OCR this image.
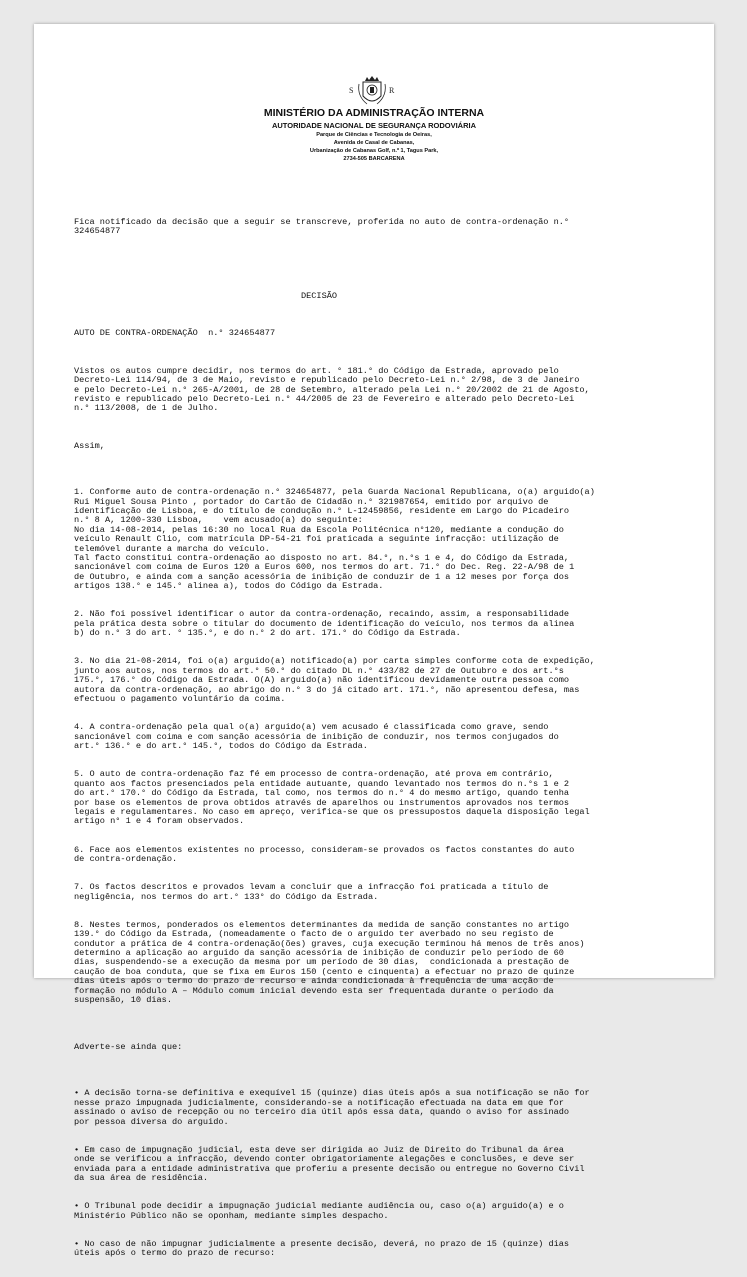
S	R
MINISTÉRIO DA ADMINISTRAÇÃO INTERNA
AUTORIDADE NACIONAL DE SEGURANÇA RODOVIÁRIA
Parque de Ciências e Tecnologia de Oeiras,
Avenida de Casal de Cabanas,
Urbanização de Cabanas Golf, n.º 1, Tagus Park,
2734-505 BARCARENA

Fica notificado da decisão que a seguir se transcreve, proferida no auto de contra-ordenação n.°
324654877

DECISÃO

AUTO DE CONTRA-ORDENAÇÃO  n.° 324654877

Vistos os autos cumpre decidir, nos termos do art. ° 181.° do Código da Estrada, aprovado pelo
Decreto-Lei 114/94, de 3 de Maio, revisto e republicado pelo Decreto-Lei n.° 2/98, de 3 de Janeiro
e pelo Decreto-Lei n.° 265-A/2001, de 28 de Setembro, alterado pela Lei n.° 20/2002 de 21 de Agosto,
revisto e republicado pelo Decreto-Lei n.° 44/2005 de 23 de Fevereiro e alterado pelo Decreto-Lei
n.° 113/2008, de 1 de Julho.

Assim,

1. Conforme auto de contra-ordenação n.° 324654877, pela Guarda Nacional Republicana, o(a) arguido(a)
Rui Miguel Sousa Pinto , portador do Cartão de Cidadão n.° 321987654, emitido por arquivo de
identificação de Lisboa, e do título de condução n.° L-12459856, residente em Largo do Picadeiro
n.° 8 A, 1200-330 Lisboa,    vem acusado(a) do seguinte:
No dia 14-08-2014, pelas 16:30 no local Rua da Escola Politécnica n°120, mediante a condução do
veículo Renault Clio, com matrícula DP-54-21 foi praticada a seguinte infracção: utilização de
telemóvel durante a marcha do veículo.
Tal facto constitui contra-ordenação ao disposto no art. 84.°, n.°s 1 e 4, do Código da Estrada,
sancionável com coima de Euros 120 a Euros 600, nos termos do art. 71.° do Dec. Reg. 22-A/98 de 1
de Outubro, e ainda com a sanção acessória de inibição de conduzir de 1 a 12 meses por força dos
artigos 138.° e 145.° alinea a), todos do Código da Estrada.

2. Não foi possível identificar o autor da contra-ordenação, recaindo, assim, a responsabilidade
pela prática desta sobre o titular do documento de identificação do veículo, nos termos da alinea
b) do n.° 3 do art. ° 135.°, e do n.° 2 do art. 171.° do Código da Estrada.

3. No dia 21-08-2014, foi o(a) arguido(a) notificado(a) por carta simples conforme cota de expedição,
junto aos autos, nos termos do art.° 50.° do citado DL n.° 433/82 de 27 de Outubro e dos art.°s
175.°, 176.° do Código da Estrada. O(A) arguido(a) não identificou devidamente outra pessoa como
autora da contra-ordenação, ao abrigo do n.° 3 do já citado art. 171.°, não apresentou defesa, mas
efectuou o pagamento voluntário da coima.

4. A contra-ordenação pela qual o(a) arguido(a) vem acusado é classificada como grave, sendo
sancionável com coima e com sanção acessória de inibição de conduzir, nos termos conjugados do
art.° 136.° e do art.° 145.°, todos do Código da Estrada.

5. O auto de contra-ordenação faz fé em processo de contra-ordenação, até prova em contrário,
quanto aos factos presenciados pela entidade autuante, quando levantado nos termos do n.°s 1 e 2
do art.° 170.° do Código da Estrada, tal como, nos termos do n.° 4 do mesmo artigo, quando tenha
por base os elementos de prova obtidos através de aparelhos ou instrumentos aprovados nos termos
legais e regulamentares. No caso em apreço, verifica-se que os pressupostos daquela disposição legal
artigo n° 1 e 4 foram observados.

6. Face aos elementos existentes no processo, consideram-se provados os factos constantes do auto
de contra-ordenação.

7. Os factos descritos e provados levam a concluir que a infracção foi praticada a título de
negligência, nos termos do art.° 133° do Código da Estrada.

8. Nestes termos, ponderados os elementos determinantes da medida de sanção constantes no artigo
139.° do Código da Estrada, (nomeadamente o facto de o arguido ter averbado no seu registo de
condutor a prática de 4 contra-ordenação(ões) graves, cuja execução terminou há menos de três anos)
determino a aplicação ao arguido da sanção acessória de inibição de conduzir pelo período de 60
dias, suspendendo-se a execução da mesma por um período de 30 dias,  condicionada a prestação de
caução de boa conduta, que se fixa em Euros 150 (cento e cinquenta) a efectuar no prazo de quinze
dias úteis após o termo do prazo de recurso e ainda condicionada à frequência de uma acção de
formação no módulo A – Módulo comum inicial devendo esta ser frequentada durante o período da
suspensão, 10 dias.

Adverte-se ainda que:

• A decisão torna-se definitiva e exequível 15 (quinze) dias úteis após a sua notificação se não for
nesse prazo impugnada judicialmente, considerando-se a notificação efectuada na data em que for
assinado o aviso de recepção ou no terceiro dia útil após essa data, quando o aviso for assinado
por pessoa diversa do arguido.

• Em caso de impugnação judicial, esta deve ser dirigida ao Juiz de Direito do Tribunal da área
onde se verificou a infracção, devendo conter obrigatoriamente alegações e conclusões, e deve ser
enviada para a entidade administrativa que proferiu a presente decisão ou entregue no Governo Civil
da sua área de residência.

• O Tribunal pode decidir a impugnação judicial mediante audiência ou, caso o(a) arguido(a) e o
Ministério Público não se oponham, mediante simples despacho.

• No caso de não impugnar judicialmente a presente decisão, deverá, no prazo de 15 (quinze) dias
úteis após o termo do prazo de recurso:
